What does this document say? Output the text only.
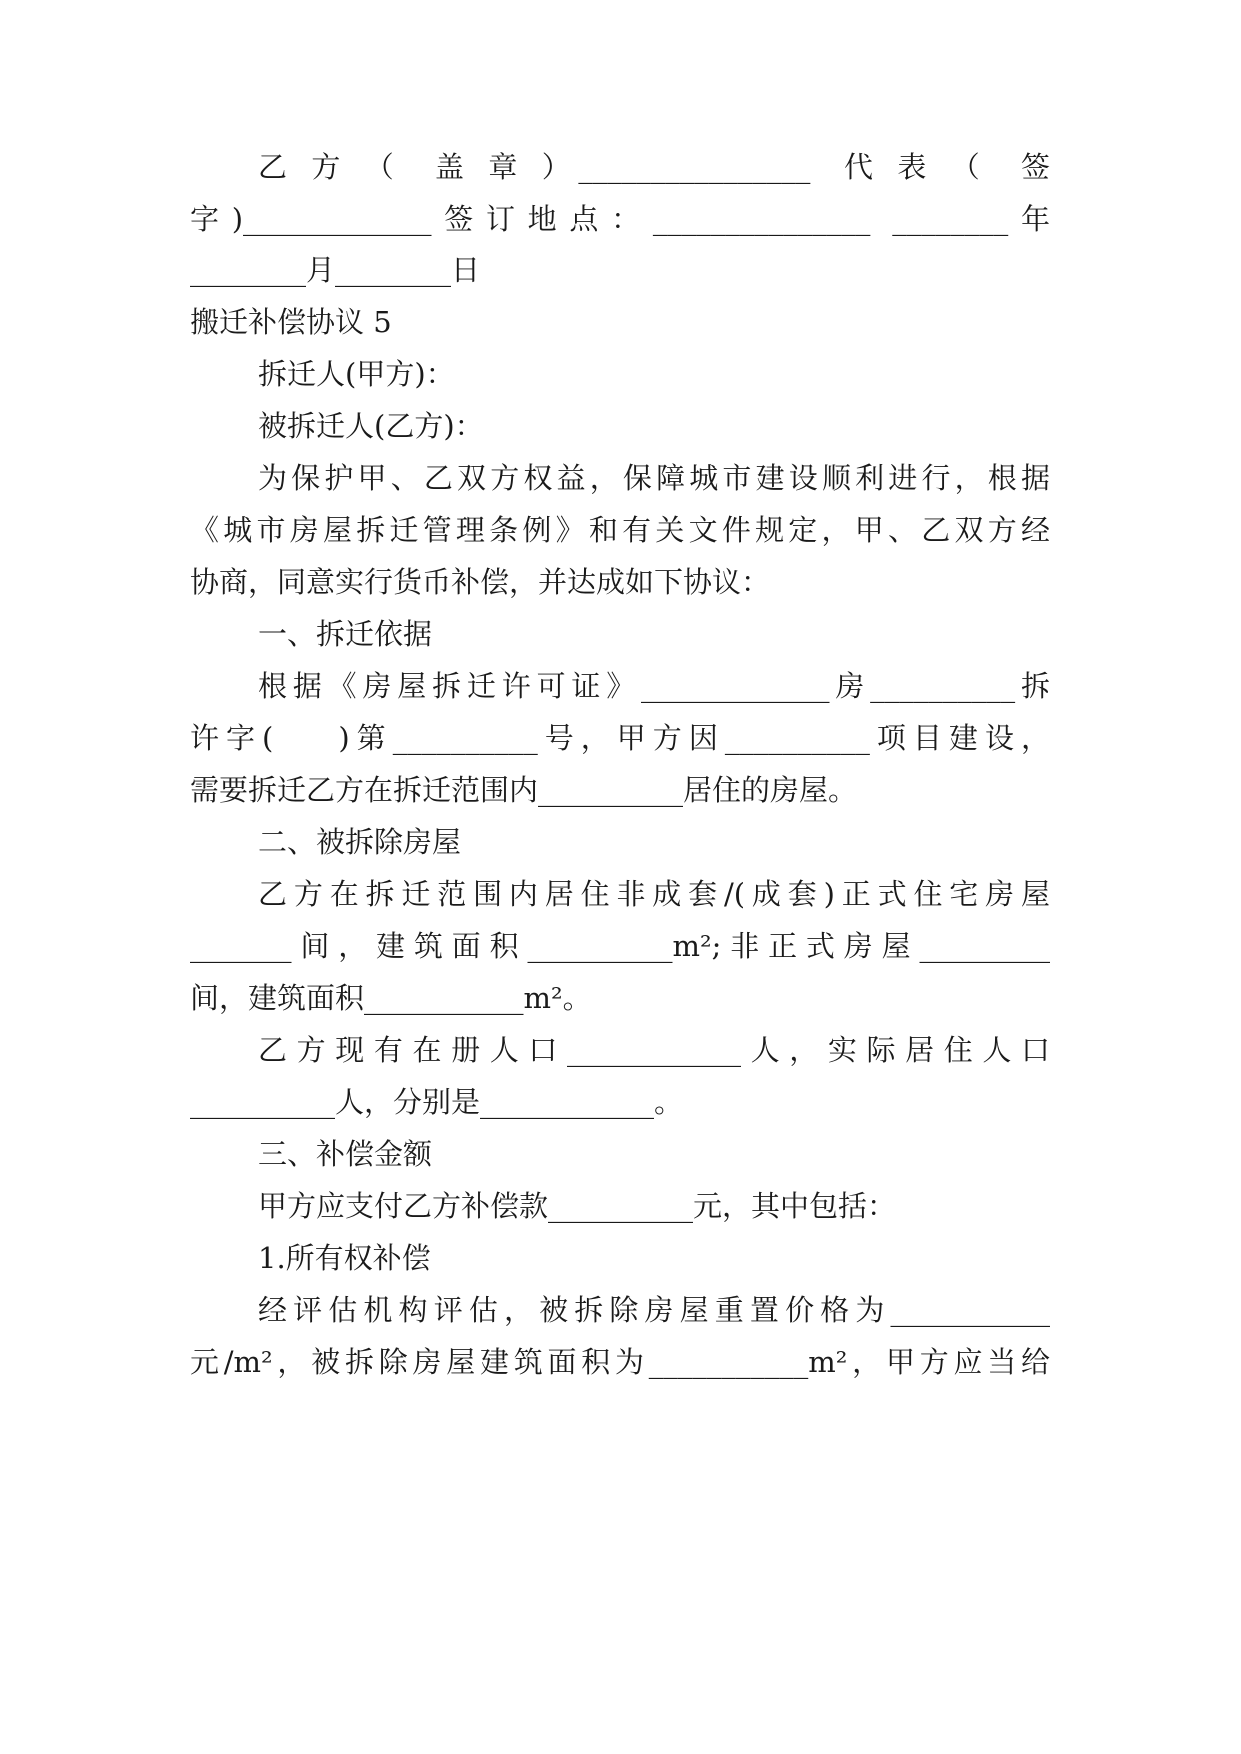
乙 方 （  盖 章 ）________________  代 表 （  签
字)_____________签订地点：_______________ ________年
________月________日
搬迁补偿协议 5
拆迁人(甲方)：
被拆迁人(乙方)：
为保护甲、乙双方权益，保障城市建设顺利进行，根据
《城市房屋拆迁管理条例》和有关文件规定，甲、乙双方经
协商，同意实行货币补偿，并达成如下协议：
一、拆迁依据
根据《房屋拆迁许可证》_____________房__________拆
许字(    )第__________号，甲方因__________项目建设，
需要拆迁乙方在拆迁范围内__________居住的房屋。
二、被拆除房屋
乙方在拆迁范围内居住非成套/(成套)正式住宅房屋
_______间，建筑面积__________m²;非正式房屋_________
间，建筑面积___________m²。
乙方现有在册人口____________人，实际居住人口
__________人，分别是____________。
三、补偿金额
甲方应支付乙方补偿款__________元，其中包括：
1.所有权补偿
经评估机构评估，被拆除房屋重置价格为___________
元/m²，被拆除房屋建筑面积为___________m²，甲方应当给
